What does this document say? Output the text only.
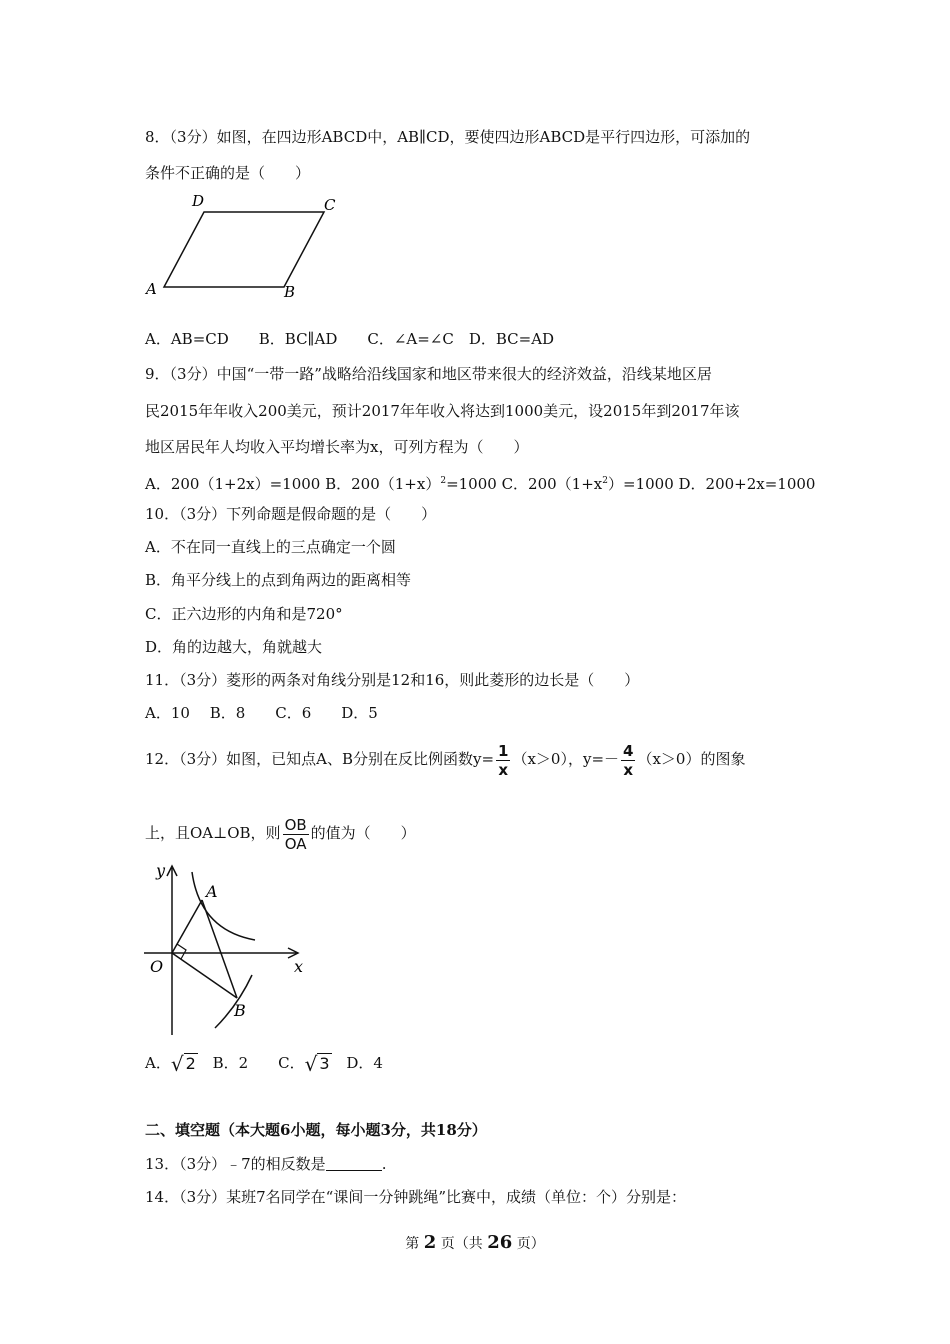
8．（3分）如图，在四边形ABCD中，AB∥CD，要使四边形ABCD是平行四边形，可添加的
条件不正确的是（　　）
A	B
C
D
A．AB=CD　　B．BC∥AD　　C．∠A=∠C　D．BC=AD
9．（3分）中国“一带一路”战略给沿线国家和地区带来很大的经济效益，沿线某地区居
民2015年年收入200美元，预计2017年年收入将达到1000美元，设2015年到2017年该
地区居民年人均收入平均增长率为x，可列方程为（　　）
A．200（1+2x）=1000 B．$200(1+x)^2=1000$ C．$200(1+x^2)=1000$ D．200+2x=1000
10．（3分）下列命题是假命题的是（　　）
A．不在同一直线上的三点确定一个圆
B．角平分线上的点到角两边的距离相等
C．正六边形的内角和是720°
D．角的边越大，角就越大
11．（3分）菱形的两条对角线分别是12和16，则此菱形的边长是（　　）
A．10　 B．8　　C．6　　D．5
12．（3分）如图，已知点A、B分别在反比例函数$y= \frac{1}{x} (x>0)$，$y=- \frac{4}{x} (x>0)$的图象
上，且OA⊥OB，则 $\frac{OB}{OA}$ 的值为（　　）
y
x
O
A
B
A． √ 2 B．2　　C． √ 3 D．4
二、填空题（本大题6小题，每小题3分，共18分）
13．（3分）﹣7的相反数是	.
14．（3分）某班7名同学在“课间一分钟跳绳”比赛中，成绩（单位：个）分别是：
第 2 页（共 26 页）
